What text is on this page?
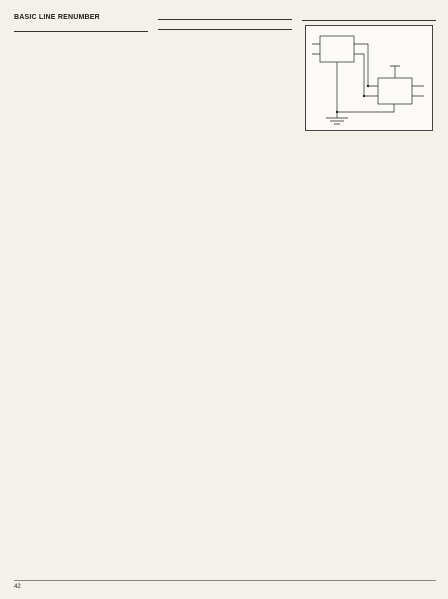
BASIC LINE RENUMBER

42
